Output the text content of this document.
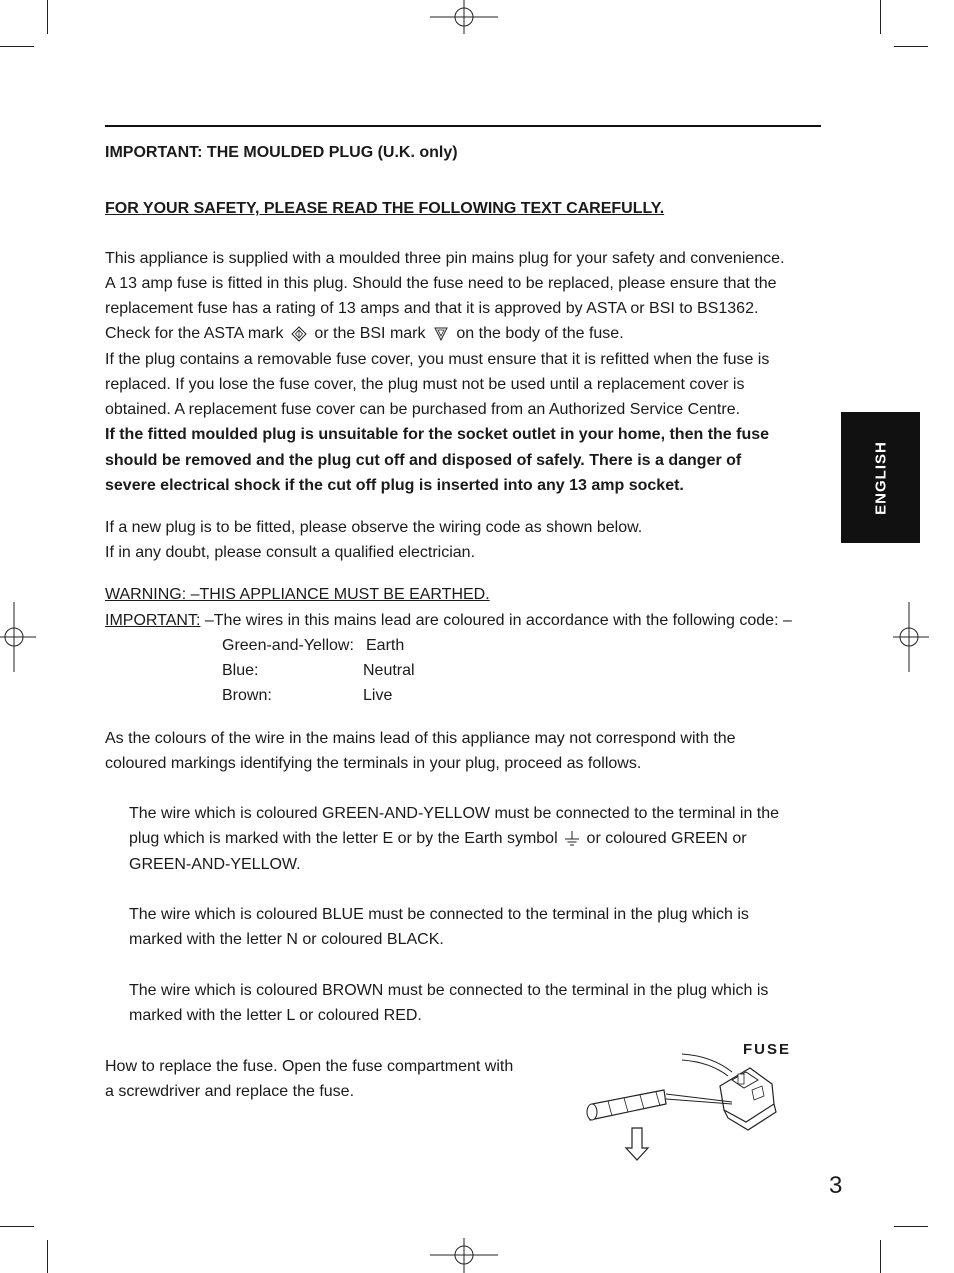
IMPORTANT: THE MOULDED PLUG (U.K. only)
FOR YOUR SAFETY, PLEASE READ THE FOLLOWING TEXT CAREFULLY.
This appliance is supplied with a moulded three pin mains plug for your safety and convenience.
A 13 amp fuse is fitted in this plug. Should the fuse need to be replaced, please ensure that the
replacement fuse has a rating of 13 amps and that it is approved by ASTA or BSI to BS1362.
Check for the ASTA mark or the BSI mark on the body of the fuse.
If the plug contains a removable fuse cover, you must ensure that it is refitted when the fuse is
replaced. If you lose the fuse cover, the plug must not be used until a replacement cover is
obtained. A replacement fuse cover can be purchased from an Authorized Service Centre.
If the fitted moulded plug is unsuitable for the socket outlet in your home, then the fuse
should be removed and the plug cut off and disposed of safely. There is a danger of
severe electrical shock if the cut off plug is inserted into any 13 amp socket.
If a new plug is to be fitted, please observe the wiring code as shown below.
If in any doubt, please consult a qualified electrician.
WARNING: –THIS APPLIANCE MUST BE EARTHED.
IMPORTANT: –The wires in this mains lead are coloured in accordance with the following code: –
Green-and-Yellow: Earth
Blue:	Neutral
Brown:	Live
As the colours of the wire in the mains lead of this appliance may not correspond with the
coloured markings identifying the terminals in your plug, proceed as follows.
The wire which is coloured GREEN-AND-YELLOW must be connected to the terminal in the
plug which is marked with the letter E or by the Earth symbol or coloured GREEN or
GREEN-AND-YELLOW.
The wire which is coloured BLUE must be connected to the terminal in the plug which is
marked with the letter N or coloured BLACK.
The wire which is coloured BROWN must be connected to the terminal in the plug which is
marked with the letter L or coloured RED.
How to replace the fuse. Open the fuse compartment with
a screwdriver and replace the fuse.
FUSE
ENGLISH
3
